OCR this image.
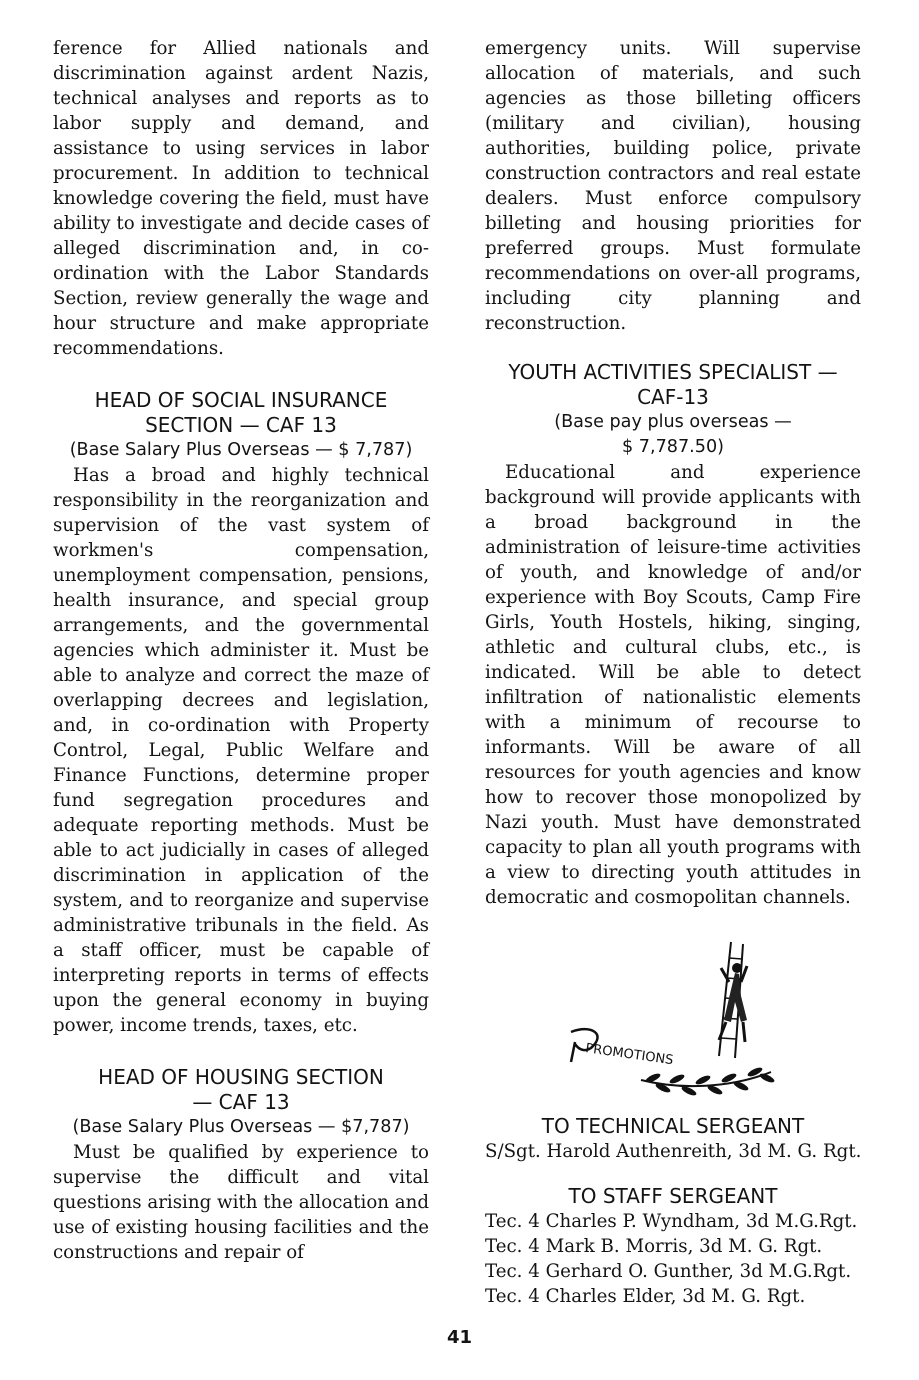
ference for Allied nationals and discrimination against ardent Nazis, technical analyses and reports as to labor supply and demand, and assistance to using services in labor procurement. In addition to technical knowledge covering the field, must have ability to investigate and decide cases of alleged discrimination and, in co-ordination with the Labor Standards Section, review generally the wage and hour structure and make appropriate recommendations.

HEAD OF SOCIAL INSURANCE
SECTION — CAF 13

(Base Salary Plus Overseas — $ 7,787)

Has a broad and highly technical responsibility in the reorganization and supervision of the vast system of workmen's compensation, unemployment compensation, pensions, health insurance, and special group arrangements, and the governmental agencies which administer it. Must be able to analyze and correct the maze of overlapping decrees and legislation, and, in co-ordination with Property Control, Legal, Public Welfare and Finance Functions, determine proper fund segregation procedures and adequate reporting methods. Must be able to act judicially in cases of alleged discrimination in application of the system, and to reorganize and supervise administrative tribunals in the field. As a staff officer, must be capable of interpreting reports in terms of effects upon the general economy in buying power, income trends, taxes, etc.

HEAD OF HOUSING SECTION
— CAF 13

(Base Salary Plus Overseas — $7,787)

Must be qualified by experience to supervise the difficult and vital questions arising with the allocation and use of existing housing facilities and the constructions and repair of

emergency units. Will supervise allocation of materials, and such agencies as those billeting officers (military and civilian), housing authorities, building police, private construction contractors and real estate dealers. Must enforce compulsory billeting and housing priorities for preferred groups. Must formulate recommendations on over-all programs, including city planning and reconstruction.

YOUTH ACTIVITIES SPECIALIST —
CAF-13

(Base pay plus overseas —

$ 7,787.50)

Educational and experience background will provide applicants with a broad background in the administration of leisure-time activities of youth, and knowledge of and/or experience with Boy Scouts, Camp Fire Girls, Youth Hostels, hiking, singing, athletic and cultural clubs, etc., is indicated. Will be able to detect infiltration of nationalistic elements with a minimum of recourse to informants. Will be aware of all resources for youth agencies and know how to recover those monopolized by Nazi youth. Must have demonstrated capacity to plan all youth programs with a view to directing youth attitudes in democratic and cosmopolitan channels.

PROMOTIONS
TO TECHNICAL SERGEANT

S/Sgt. Harold Authenreith, 3d M. G. Rgt.

TO STAFF SERGEANT
Tec. 4 Charles P. Wyndham, 3d M.G.Rgt.
Tec. 4 Mark B. Morris, 3d M. G. Rgt.
Tec. 4 Gerhard O. Gunther, 3d M.G.Rgt.
Tec. 4 Charles Elder, 3d M. G. Rgt.
41
